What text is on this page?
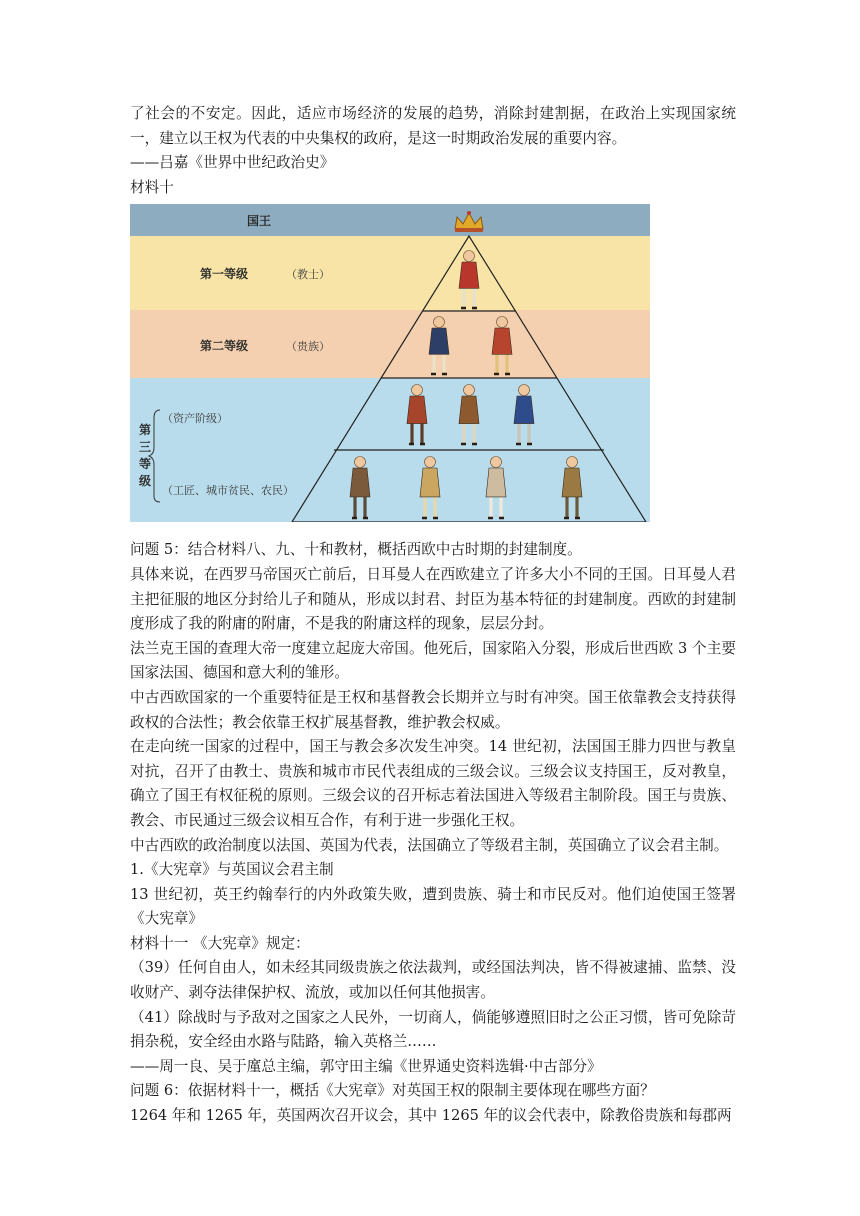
了社会的不安定。因此，适应市场经济的发展的趋势，消除封建割据，在政治上实现国家统一，建立以王权为代表的中央集权的政府，是这一时期政治发展的重要内容。

——吕嘉《世界中世纪政治史》

材料十

国王
第一等级	（教士）
第二等级	（贵族）
第
三
等
级
（资产阶级）
（工匠、城市贫民、农民）

问题 5：结合材料八、九、十和教材，概括西欧中古时期的封建制度。

具体来说，在西罗马帝国灭亡前后，日耳曼人在西欧建立了许多大小不同的王国。日耳曼人君主把征服的地区分封给儿子和随从，形成以封君、封臣为基本特征的封建制度。西欧的封建制度形成了我的附庸的附庸，不是我的附庸这样的现象，层层分封。

法兰克王国的查理大帝一度建立起庞大帝国。他死后，国家陷入分裂，形成后世西欧 3 个主要国家法国、德国和意大利的雏形。

中古西欧国家的一个重要特征是王权和基督教会长期并立与时有冲突。国王依靠教会支持获得政权的合法性；教会依靠王权扩展基督教，维护教会权威。

在走向统一国家的过程中，国王与教会多次发生冲突。14 世纪初，法国国王腓力四世与教皇对抗，召开了由教士、贵族和城市市民代表组成的三级会议。三级会议支持国王，反对教皇，确立了国王有权征税的原则。三级会议的召开标志着法国进入等级君主制阶段。国王与贵族、教会、市民通过三级会议相互合作，有利于进一步强化王权。

中古西欧的政治制度以法国、英国为代表，法国确立了等级君主制，英国确立了议会君主制。

1.《大宪章》与英国议会君主制

13 世纪初，英王约翰奉行的内外政策失败，遭到贵族、骑士和市民反对。他们迫使国王签署《大宪章》

材料十一 《大宪章》规定：

（39）任何自由人，如未经其同级贵族之依法裁判，或经国法判决，皆不得被逮捕、监禁、没收财产、剥夺法律保护权、流放，或加以任何其他损害。

（41）除战时与予敌对之国家之人民外，一切商人，倘能够遵照旧时之公正习惯，皆可免除苛捐杂税，安全经由水路与陆路，输入英格兰……

——周一良、吴于廑总主编，郭守田主编《世界通史资料选辑·中古部分》

问题 6：依据材料十一，概括《大宪章》对英国王权的限制主要体现在哪些方面？

1264 年和 1265 年，英国两次召开议会，其中 1265 年的议会代表中，除教俗贵族和每郡两
